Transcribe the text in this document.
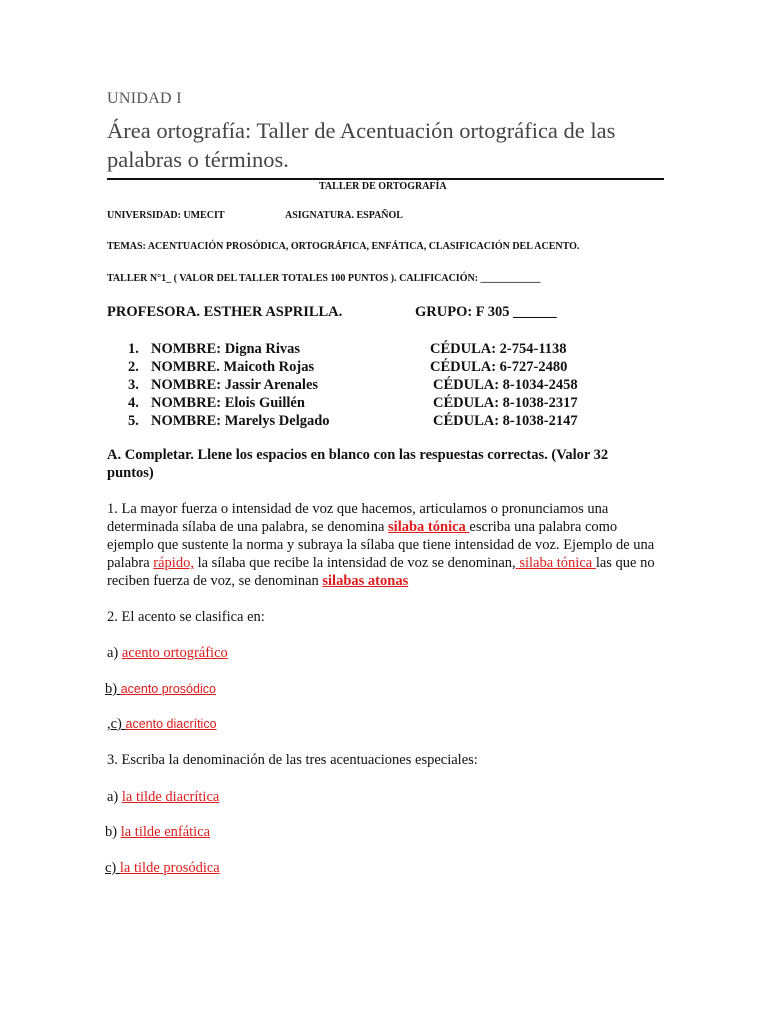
UNIDAD I
Área ortografía: Taller de Acentuación ortográfica de las palabras o términos.
TALLER DE ORTOGRAFÍA
UNIVERSIDAD: UMECIT	ASIGNATURA. ESPAÑOL
TEMAS: ACENTUACIÓN PROSÓDICA, ORTOGRÁFICA, ENFÁTICA, CLASIFICACIÓN DEL ACENTO.
TALLER N°1_ ( VALOR DEL TALLER TOTALES 100 PUNTOS ). CALIFICACIÓN: ____________
PROFESORA. ESTHER ASPRILLA.	GRUPO: F 305 ______
1. NOMBRE: Digna Rivas	CÉDULA: 2-754-1138
2. NOMBRE. Maicoth Rojas	CÉDULA: 6-727-2480
3. NOMBRE: Jassir Arenales	CÉDULA: 8-1034-2458
4. NOMBRE: Elois Guillén	CÉDULA: 8-1038-2317
5. NOMBRE: Marelys Delgado	CÉDULA: 8-1038-2147
A. Completar. Llene los espacios en blanco con las respuestas correctas. (Valor 32
puntos)
1. La mayor fuerza o intensidad de voz que hacemos, articulamos o pronunciamos una determinada sílaba de una palabra, se denomina silaba tónica escriba una palabra como ejemplo que sustente la norma y subraya la sílaba que tiene intensidad de voz. Ejemplo de una palabra rápido, la sílaba que recibe la intensidad de voz se denominan, silaba tónica las que no reciben fuerza de voz, se denominan silabas atonas
2. El acento se clasifica en:
a) acento ortográfico
b) acento prosódico
,c) acento diacrítico
3. Escriba la denominación de las tres acentuaciones especiales:
a) la tilde diacrítica
b) la tilde enfática
c) la tilde prosódica
